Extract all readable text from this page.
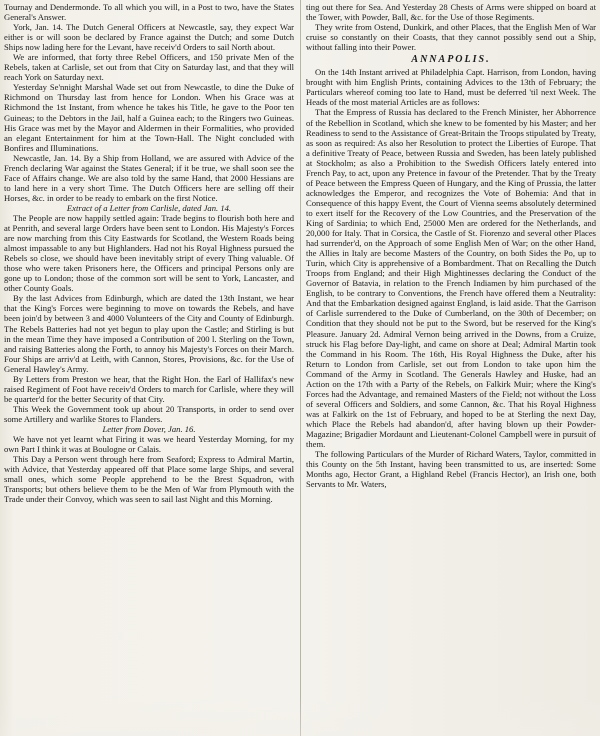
Tournay and Dendermonde. To all which you will, in a Post to two, have the States General's Answer.

York, Jan. 14. The Dutch General Officers at Newcastle, say, they expect War either is or will soon be declared by France against the Dutch; and some Dutch Ships now lading here for the Levant, have receiv'd Orders to sail North about.

We are informed, that forty three Rebel Officers, and 150 private Men of the Rebels, taken at Carlisle, set out from that City on Saturday last, and that they will reach York on Saturday next.

Yesterday Se'nnight Marshal Wade set out from Newcastle, to dine the Duke of Richmond on Thursday last from hence for London. When his Grace was at Richmond the 1st Instant, from whence he takes his Title, he gave to the Poor ten Guineas; to the Debtors in the Jail, half a Guinea each; to the Ringers two Guineas. His Grace was met by the Mayor and Aldermen in their Formalities, who provided an elegant Entertainment for him at the Town-Hall. The Night concluded with Bonfires and Illuminations.

Newcastle, Jan. 14. By a Ship from Holland, we are assured with Advice of the French declaring War against the States General; if it be true, we shall soon see the Face of Affairs change. We are also told by the same Hand, that 2000 Hessians are to land here in a very short Time. The Dutch Officers here are selling off their Horses, &c. in order to be ready to embark on the first Notice.

Extract of a Letter from Carlisle, dated Jan. 14.

The People are now happily settled again: Trade begins to flourish both here and at Penrith, and several large Orders have been sent to London. His Majesty's Forces are now marching from this City Eastwards for Scotland, the Western Roads being almost impassable to any but Highlanders. Had not his Royal Highness pursued the Rebels so close, we should have been inevitably stript of every Thing valuable. Of those who were taken Prisoners here, the Officers and principal Persons only are gone up to London; those of the common sort will be sent to York, Lancaster, and other County Goals.

By the last Advices from Edinburgh, which are dated the 13th Instant, we hear that the King's Forces were beginning to move on towards the Rebels, and have been join'd by between 3 and 4000 Volunteers of the City and County of Edinburgh. The Rebels Batteries had not yet begun to play upon the Castle; and Stirling is but in the mean Time they have imposed a Contribution of 200 l. Sterling on the Town, and raising Batteries along the Forth, to annoy his Majesty's Forces on their March. Four Ships are arriv'd at Leith, with Cannon, Stores, Provisions, &c. for the Use of General Hawley's Army.

By Letters from Preston we hear, that the Right Hon. the Earl of Hallifax's new raised Regiment of Foot have receiv'd Orders to march for Carlisle, where they will be quarter'd for the better Security of that City.

This Week the Government took up about 20 Transports, in order to send over some Artillery and warlike Stores to Flanders.

Letter from Dover, Jan. 16.

We have not yet learnt what Firing it was we heard Yesterday Morning, for my own Part I think it was at Boulogne or Calais.

This Day a Person went through here from Seaford; Express to Admiral Martin, with Advice, that Yesterday appeared off that Place some large Ships, and several small ones, which some People apprehend to be the Brest Squadron, with Transports; but others believe them to be the Men of War from Plymouth with the Trade under their Convoy, which was seen to sail last Night and this Morning.

ting out there for Sea. And Yesterday 28 Chests of Arms were shipped on board at the Tower, with Powder, Ball, &c. for the Use of those Regiments.

They write from Ostend, Dunkirk, and other Places, that the English Men of War cruise so constantly on their Coasts, that they cannot possibly send out a Ship, without falling into their Power.

ANNAPOLIS.

On the 14th Instant arrived at Philadelphia Capt. Harrison, from London, having brought with him English Prints, containing Advices to the 13th of February; the Particulars whereof coming too late to Hand, must be deferred 'til next Week. The Heads of the most material Articles are as follows:

That the Empress of Russia has declared to the French Minister, her Abhorrence of the Rebellion in Scotland, which she knew to be fomented by his Master; and her Readiness to send to the Assistance of Great-Britain the Troops stipulated by Treaty, as soon as required: As also her Resolution to protect the Liberties of Europe. That a definitive Treaty of Peace, between Russia and Sweden, has been lately published at Stockholm; as also a Prohibition to the Swedish Officers lately entered into French Pay, to act, upon any Pretence in favour of the Pretender. That by the Treaty of Peace between the Empress Queen of Hungary, and the King of Prussia, the latter acknowledges the Emperor, and recognizes the Vote of Bohemia: And that in Consequence of this happy Event, the Court of Vienna seems absolutely determined to exert itself for the Recovery of the Low Countries, and the Preservation of the King of Sardinia; to which End, 25000 Men are ordered for the Netherlands, and 20,000 for Italy. That in Corsica, the Castle of St. Fiorenzo and several other Places had surrender'd, on the Approach of some English Men of War; on the other Hand, the Allies in Italy are become Masters of the Country, on both Sides the Po, up to Turin, which City is apprehensive of a Bombardment. That on Recalling the Dutch Troops from England; and their High Mightinesses declaring the Conduct of the Governor of Batavia, in relation to the French Indiamen by him purchased of the English, to be contrary to Conventions, the French have offered them a Neutrality: And that the Embarkation designed against England, is laid aside. That the Garrison of Carlisle surrendered to the Duke of Cumberland, on the 30th of December; on Condition that they should not be put to the Sword, but be reserved for the King's Pleasure. January 2d. Admiral Vernon being arrived in the Downs, from a Cruize, struck his Flag before Day-light, and came on shore at Deal; Admiral Martin took the Command in his Room. The 16th, His Royal Highness the Duke, after his Return to London from Carlisle, set out from London to take upon him the Command of the Army in Scotland. The Generals Hawley and Huske, had an Action on the 17th with a Party of the Rebels, on Falkirk Muir; where the King's Forces had the Advantage, and remained Masters of the Field; not without the Loss of several Officers and Soldiers, and some Cannon, &c. That his Royal Highness was at Falkirk on the 1st of February, and hoped to be at Sterling the next Day, which Place the Rebels had abandon'd, after having blown up their Powder-Magazine; Brigadier Mordaunt and Lieutenant-Colonel Campbell were in pursuit of them.

The following Particulars of the Murder of Richard Waters, Taylor, committed in this County on the 5th Instant, having been transmitted to us, are inserted: Some Months ago, Hector Grant, a Highland Rebel (Francis Hector), an Irish one, both Servants to Mr. Waters,
